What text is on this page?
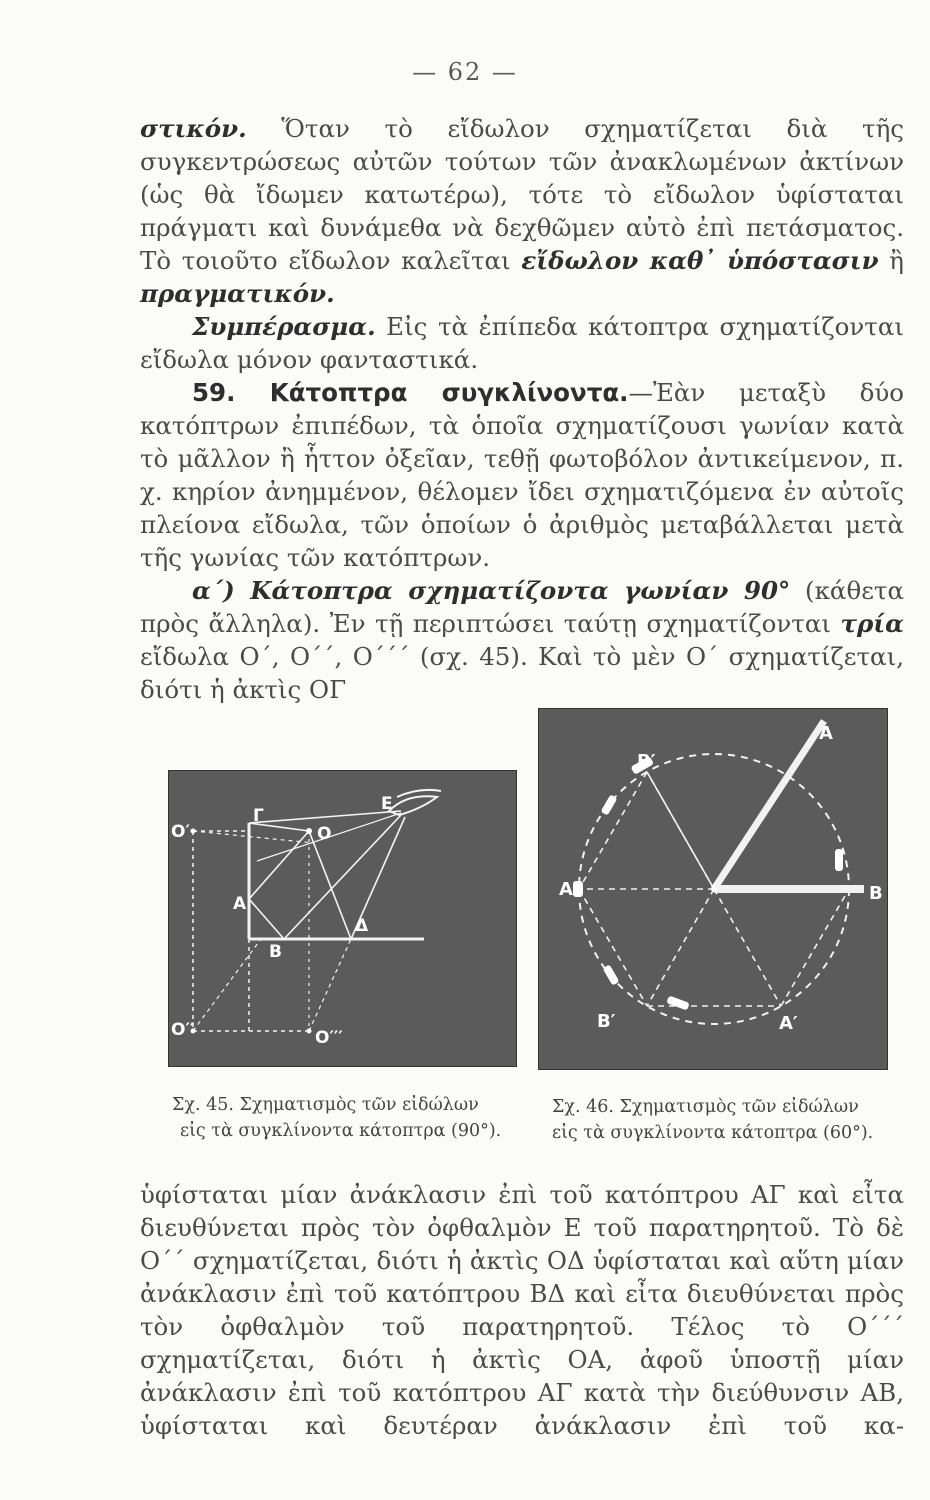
— 62 —

στικόν. Ὅταν τὸ εἴδωλον σχηματίζεται διὰ τῆς συγκεντρώσεως αὐτῶν τούτων τῶν ἀνακλωμένων ἀκτίνων (ὡς θὰ ἴδωμεν κατωτέρω), τότε τὸ εἴδωλον ὑφίσταται πράγματι καὶ δυνάμεθα νὰ δεχθῶμεν αὐτὸ ἐπὶ πετάσματος. Τὸ τοιοῦτο εἴδωλον καλεῖται εἴδωλον καθ᾽ ὑπόστασιν ἢ πραγματικόν.

Συμπέρασμα. Εἰς τὰ ἐπίπεδα κάτοπτρα σχηματίζονται εἴδωλα μόνον φανταστικά.

59. Κάτοπτρα συγκλίνοντα.—Ἐὰν μεταξὺ δύο κατόπτρων ἐπιπέδων, τὰ ὁποῖα σχηματίζουσι γωνίαν κατὰ τὸ μᾶλλον ἢ ἧττον ὀξεῖαν, τεθῇ φωτοβόλον ἀντικείμενον, π. χ. κηρίον ἀνημμένον, θέλομεν ἴδει σχηματιζόμενα ἐν αὐτοῖς πλείονα εἴδωλα, τῶν ὁποίων ὁ ἀριθμὸς μεταβάλλεται μετὰ τῆς γωνίας τῶν κατόπτρων.

α΄) Κάτοπτρα σχηματίζοντα γωνίαν 90° (κάθετα πρὸς ἄλληλα). Ἐν τῇ περιπτώσει ταύτῃ σχηματίζονται τρία εἴδωλα Ο΄, Ο΄΄, Ο΄΄΄ (σχ. 45). Καὶ τὸ μὲν Ο΄ σχηματίζεται, διότι ἡ ἀκτὶς ΟΓ

O′
Γ
E
O
A
Δ
B
O′′	O′′′
Σχ. 45. Σχηματισμὸς τῶν εἰδώλων
εἰς τὰ συγκλίνοντα κάτοπτρα (90°).
A
B′
A′	B
B′	A′
Σχ. 46. Σχηματισμὸς τῶν εἰδώλων
εἰς τὰ συγκλίνοντα κάτοπτρα (60°).

ὑφίσταται μίαν ἀνάκλασιν ἐπὶ τοῦ κατόπτρου ΑΓ καὶ εἶτα διευθύνεται πρὸς τὸν ὀφθαλμὸν Ε τοῦ παρατηρητοῦ. Τὸ δὲ Ο΄΄ σχηματίζεται, διότι ἡ ἀκτὶς ΟΔ ὑφίσταται καὶ αὕτη μίαν ἀνάκλασιν ἐπὶ τοῦ κατόπτρου ΒΔ καὶ εἶτα διευθύνεται πρὸς τὸν ὀφθαλμὸν τοῦ παρατηρητοῦ. Τέλος τὸ Ο΄΄΄ σχηματίζεται, διότι ἡ ἀκτὶς ΟΑ, ἀφοῦ ὑποστῇ μίαν ἀνάκλασιν ἐπὶ τοῦ κατόπτρου ΑΓ κατὰ τὴν διεύθυνσιν ΑΒ, ὑφίσταται καὶ δευτέραν ἀνάκλασιν ἐπὶ τοῦ κα-
